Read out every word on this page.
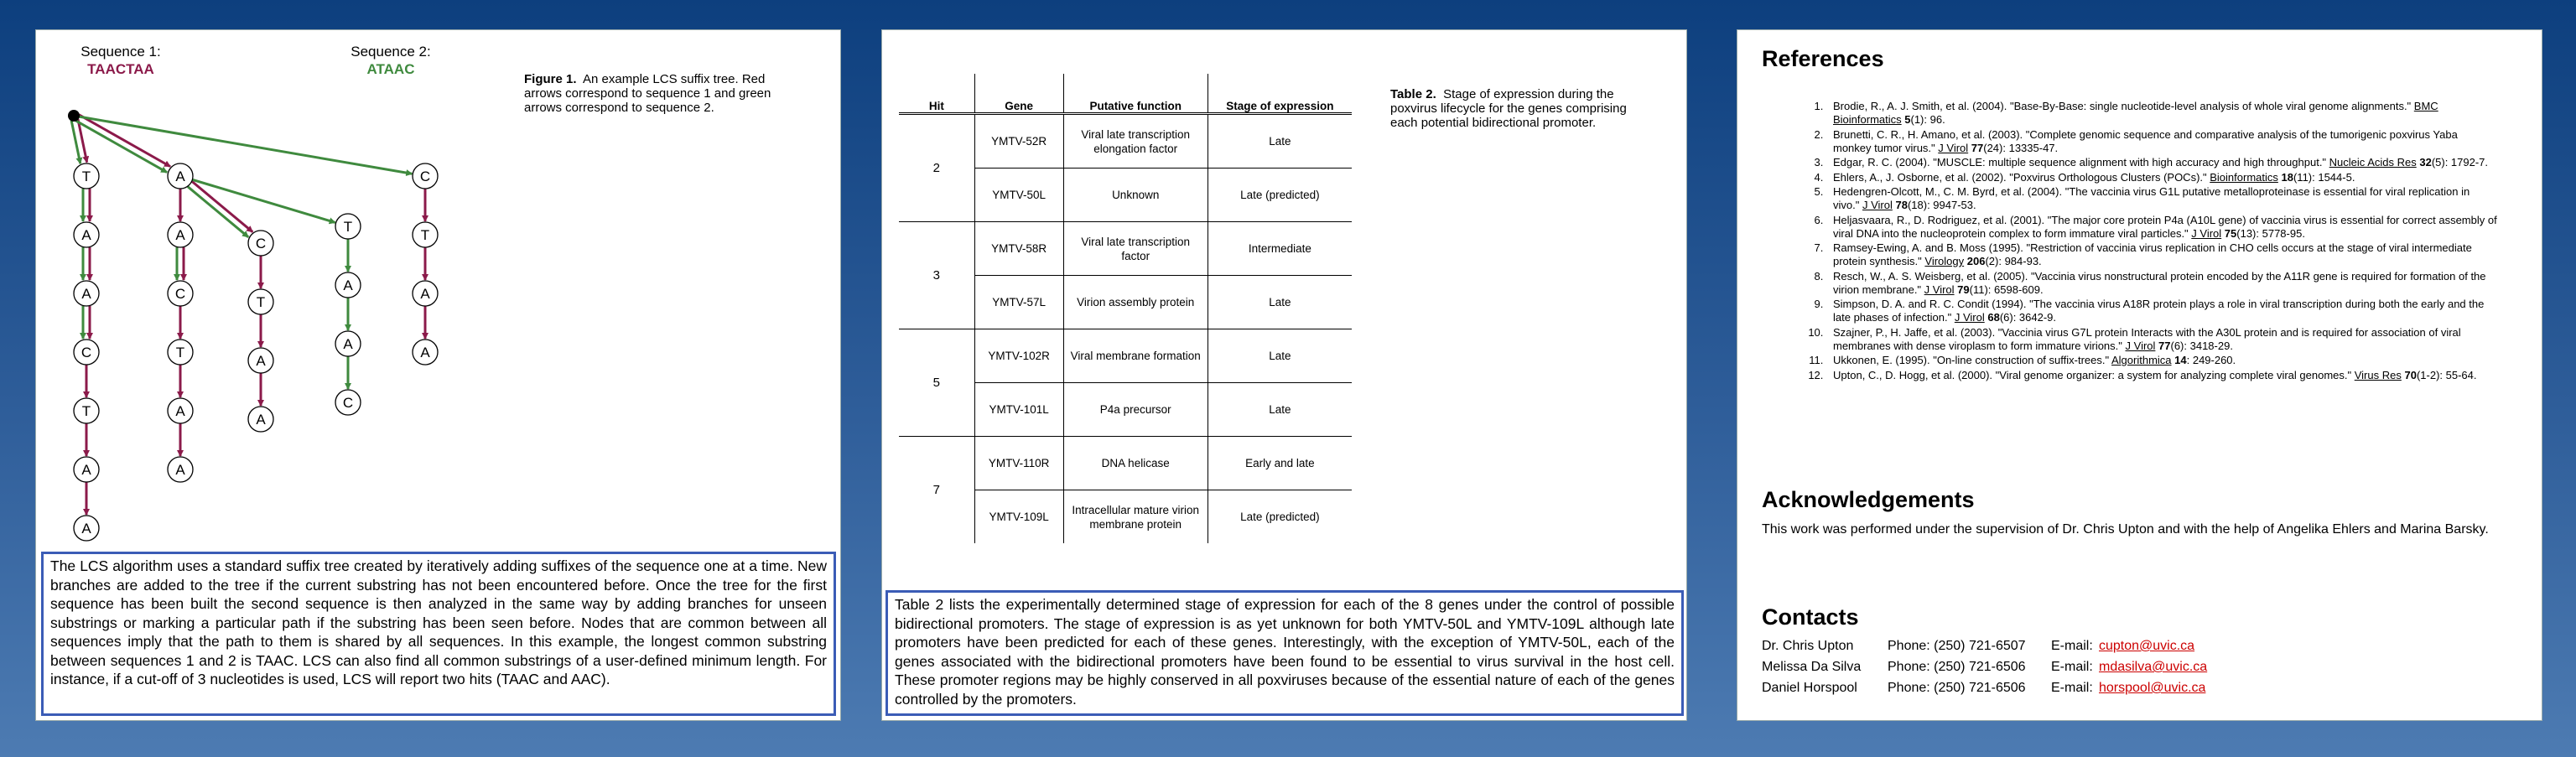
T
A
A
C
T
A
A
A
A
C
T
A
A
C
T
A
A
T
A
A
C
C
T
A
A
Sequence 1:
TAACTAA
Sequence 2:
ATAAC
Figure 1. An example LCS suffix tree. Red arrows correspond to sequence 1 and green arrows correspond to sequence 2.
The LCS algorithm uses a standard suffix tree created by iteratively adding suffixes of the sequence one at a time. New branches are added to the tree if the current substring has not been encountered before. Once the tree for the first sequence has been built the second sequence is then analyzed in the same way by adding branches for unseen substrings or marking a particular path if the substring has been seen before. Nodes that are common between all sequences imply that the path to them is shared by all sequences. In this example, the longest common substring between sequences 1 and 2 is TAAC. LCS can also find all common substrings of a user-defined minimum length. For instance, if a cut-off of 3 nucleotides is used, LCS will report two hits (TAAC and AAC).
Hit	Gene	Putative function	Stage of expression
2	YMTV-52R	Viral late transcription elongation factor	Late
	YMTV-50L	Unknown	Late (predicted)
3	YMTV-58R	Viral late transcription factor	Intermediate
	YMTV-57L	Virion assembly protein	Late
5	YMTV-102R	Viral membrane formation	Late
	YMTV-101L	P4a precursor	Late
7	YMTV-110R	DNA helicase	Early and late
	YMTV-109L	Intracellular mature virion membrane protein	Late (predicted)
Table 2. Stage of expression during the poxvirus lifecycle for the genes comprising each potential bidirectional promoter.
Table 2 lists the experimentally determined stage of expression for each of the 8 genes under the control of possible bidirectional promoters. The stage of expression is as yet unknown for both YMTV-50L and YMTV-109L although late promoters have been predicted for each of these genes. Interestingly, with the exception of YMTV-50L, each of the genes associated with the bidirectional promoters have been found to be essential to virus survival in the host cell. These promoter regions may be highly conserved in all poxviruses because of the essential nature of each of the genes controlled by the promoters.
References
1. Brodie, R., A. J. Smith, et al. (2004). "Base-By-Base: single nucleotide-level analysis of whole viral genome alignments." BMC Bioinformatics 5(1): 96.
2. Brunetti, C. R., H. Amano, et al. (2003). "Complete genomic sequence and comparative analysis of the tumorigenic poxvirus Yaba monkey tumor virus." J Virol 77(24): 13335-47.
3. Edgar, R. C. (2004). "MUSCLE: multiple sequence alignment with high accuracy and high throughput." Nucleic Acids Res 32(5): 1792-7.
4. Ehlers, A., J. Osborne, et al. (2002). "Poxvirus Orthologous Clusters (POCs)." Bioinformatics 18(11): 1544-5.
5. Hedengren-Olcott, M., C. M. Byrd, et al. (2004). "The vaccinia virus G1L putative metalloproteinase is essential for viral replication in vivo." J Virol 78(18): 9947-53.
6. Heljasvaara, R., D. Rodriguez, et al. (2001). "The major core protein P4a (A10L gene) of vaccinia virus is essential for correct assembly of viral DNA into the nucleoprotein complex to form immature viral particles." J Virol 75(13): 5778-95.
7. Ramsey-Ewing, A. and B. Moss (1995). "Restriction of vaccinia virus replication in CHO cells occurs at the stage of viral intermediate protein synthesis." Virology 206(2): 984-93.
8. Resch, W., A. S. Weisberg, et al. (2005). "Vaccinia virus nonstructural protein encoded by the A11R gene is required for formation of the virion membrane." J Virol 79(11): 6598-609.
9. Simpson, D. A. and R. C. Condit (1994). "The vaccinia virus A18R protein plays a role in viral transcription during both the early and the late phases of infection." J Virol 68(6): 3642-9.
10. Szajner, P., H. Jaffe, et al. (2003). "Vaccinia virus G7L protein Interacts with the A30L protein and is required for association of viral membranes with dense viroplasm to form immature virions." J Virol 77(6): 3418-29.
11. Ukkonen, E. (1995). "On-line construction of suffix-trees." Algorithmica 14: 249-260.
12. Upton, C., D. Hogg, et al. (2000). "Viral genome organizer: a system for analyzing complete viral genomes." Virus Res 70(1-2): 55-64.
Acknowledgements
This work was performed under the supervision of Dr. Chris Upton and with the help of Angelika Ehlers and Marina Barsky.
Contacts
Dr. Chris Upton	Phone: (250) 721-6507 E-mail: cupton@uvic.ca
Melissa Da Silva Phone: (250) 721-6506 E-mail: mdasilva@uvic.ca
Daniel Horspool Phone: (250) 721-6506 E-mail: horspool@uvic.ca
